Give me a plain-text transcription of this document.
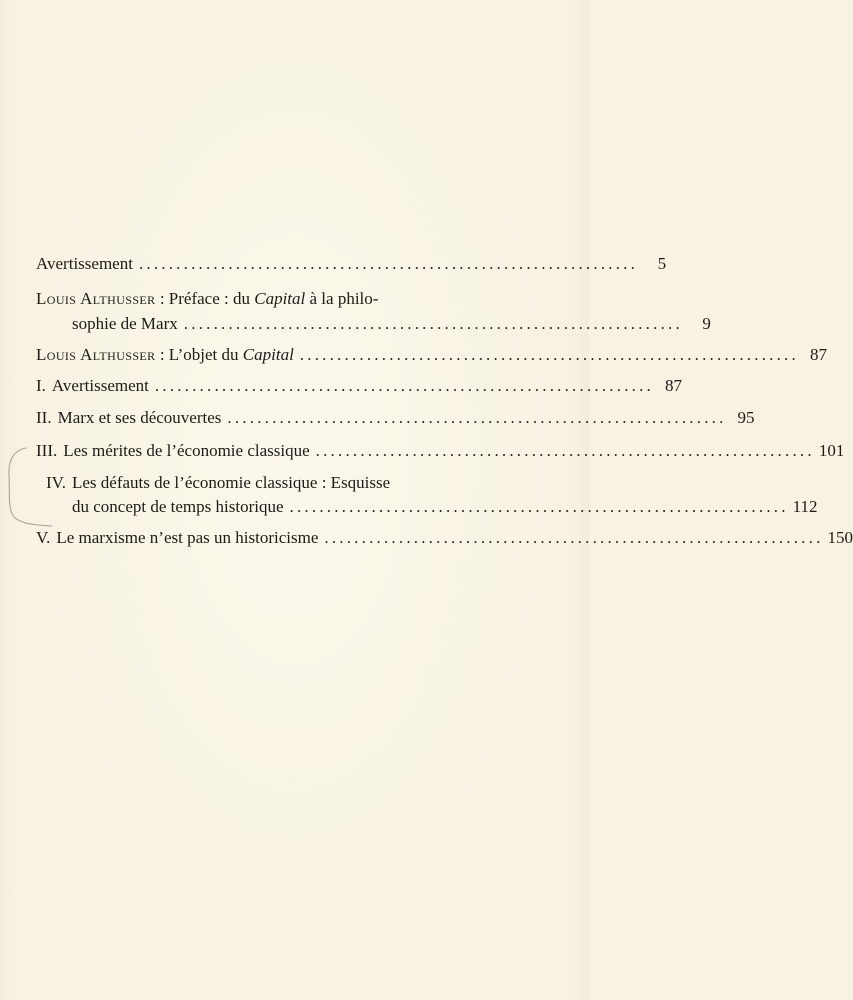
Avertissement ...................................................................	5
Louis Althusser : Préface : du Capital à la philo-
sophie de Marx ...................................................................	9
Louis Althusser : L’objet du Capital ................................................................... 87
I. Avertissement ................................................................... 87
II. Marx et ses découvertes ................................................................... 95
III. Les mérites de l’économie classique ................................................................... 101
IV. Les défauts de l’économie classique : Esquisse
du concept de temps historique ................................................................... 112
V. Le marxisme n’est pas un historicisme ................................................................... 150
